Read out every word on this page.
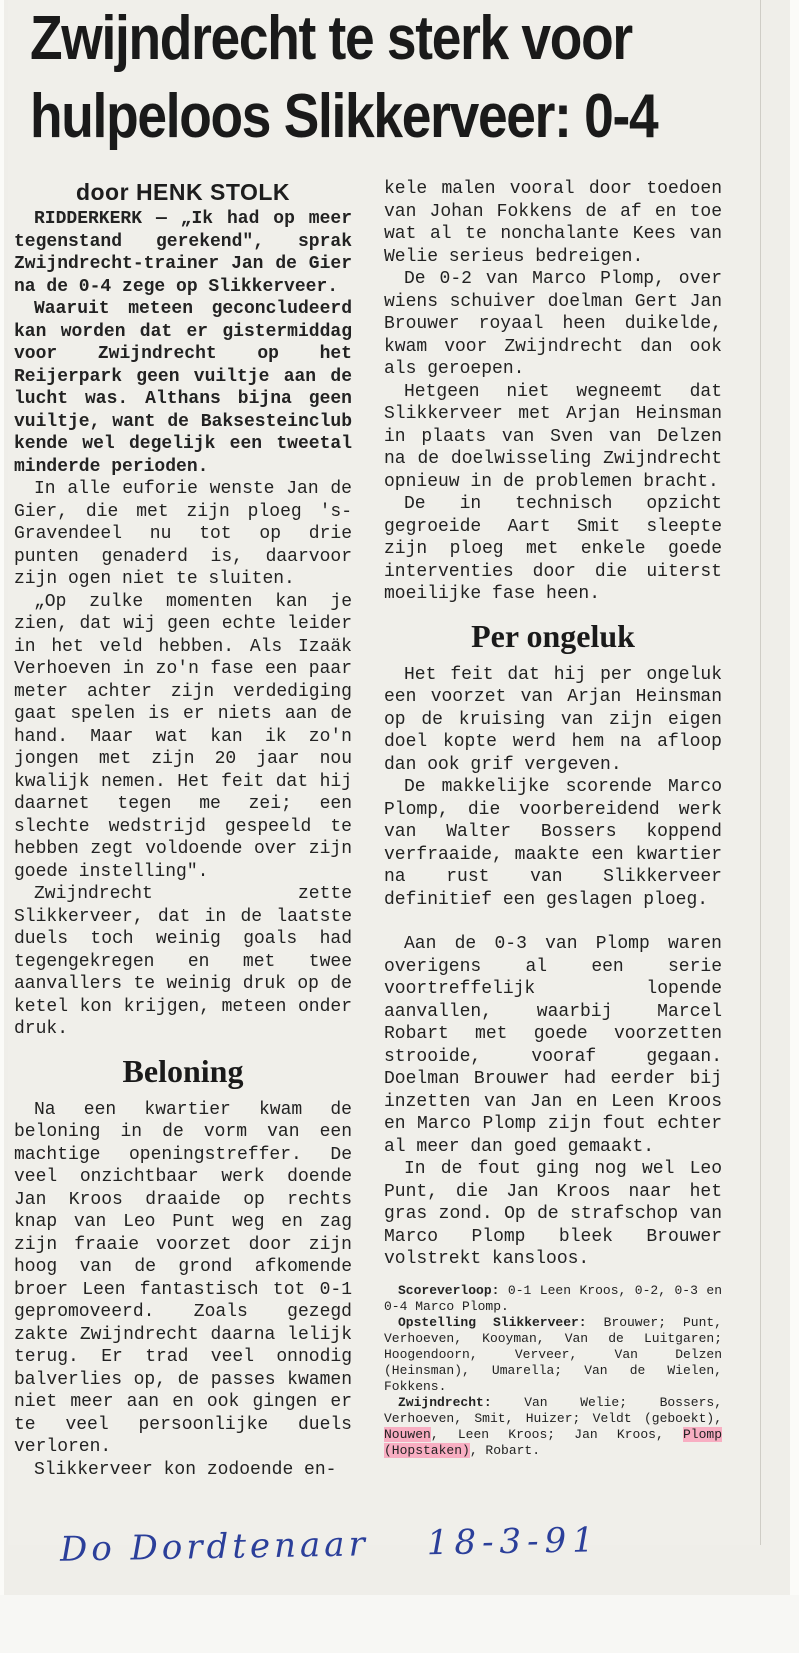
Zwijndrecht te sterk voor
hulpeloos Slikkerveer: 0-4
door HENK STOLK

RIDDERKERK — „Ik had op meer tegenstand gerekend", sprak Zwijndrecht-trainer Jan de Gier na de 0-4 zege op Slikkerveer.

Waaruit meteen geconcludeerd kan worden dat er gistermiddag voor Zwijndrecht op het Reijerpark geen vuiltje aan de lucht was. Althans bijna geen vuiltje, want de Baksesteinclub kende wel degelijk een tweetal minderde perioden.

In alle euforie wenste Jan de Gier, die met zijn ploeg 's-Gravendeel nu tot op drie punten genaderd is, daarvoor zijn ogen niet te sluiten.

„Op zulke momenten kan je zien, dat wij geen echte leider in het veld hebben. Als Izaäk Verhoeven in zo'n fase een paar meter achter zijn verdediging gaat spelen is er niets aan de hand. Maar wat kan ik zo'n jongen met zijn 20 jaar nou kwalijk nemen. Het feit dat hij daarnet tegen me zei; een slechte wedstrijd gespeeld te hebben zegt voldoende over zijn goede instelling".

Zwijndrecht zette Slikkerveer, dat in de laatste duels toch weinig goals had tegengekregen en met twee aanvallers te weinig druk op de ketel kon krijgen, meteen onder druk.

Beloning

Na een kwartier kwam de beloning in de vorm van een machtige openingstreffer. De veel onzichtbaar werk doende Jan Kroos draaide op rechts knap van Leo Punt weg en zag zijn fraaie voorzet door zijn hoog van de grond afkomende broer Leen fantastisch tot 0-1 gepromoveerd. Zoals gezegd zakte Zwijndrecht daarna lelijk terug. Er trad veel onnodig balverlies op, de passes kwamen niet meer aan en ook gingen er te veel persoonlijke duels verloren.

Slikkerveer kon zodoende en-

kele malen vooral door toedoen van Johan Fokkens de af en toe wat al te nonchalante Kees van Welie serieus bedreigen.

De 0-2 van Marco Plomp, over wiens schuiver doelman Gert Jan Brouwer royaal heen duikelde, kwam voor Zwijndrecht dan ook als geroepen.

Hetgeen niet wegneemt dat Slikkerveer met Arjan Heinsman in plaats van Sven van Delzen na de doelwisseling Zwijndrecht opnieuw in de problemen bracht.

De in technisch opzicht gegroeide Aart Smit sleepte zijn ploeg met enkele goede interventies door die uiterst moeilijke fase heen.

Per ongeluk

Het feit dat hij per ongeluk een voorzet van Arjan Heinsman op de kruising van zijn eigen doel kopte werd hem na afloop dan ook grif vergeven.

De makkelijke scorende Marco Plomp, die voorbereidend werk van Walter Bossers koppend verfraaide, maakte een kwartier na rust van Slikkerveer definitief een geslagen ploeg.

Aan de 0-3 van Plomp waren overigens al een serie voortreffelijk lopende aanvallen, waarbij Marcel Robart met goede voorzetten strooide, vooraf gegaan. Doelman Brouwer had eerder bij inzetten van Jan en Leen Kroos en Marco Plomp zijn fout echter al meer dan goed gemaakt.

In de fout ging nog wel Leo Punt, die Jan Kroos naar het gras zond. Op de strafschop van Marco Plomp bleek Brouwer volstrekt kansloos.

Scoreverloop: 0-1 Leen Kroos, 0-2, 0-3 en 0-4 Marco Plomp.

Opstelling Slikkerveer: Brouwer; Punt, Verhoeven, Kooyman, Van de Luitgaren; Hoogendoorn, Verveer, Van Delzen (Heinsman), Umarella; Van de Wielen, Fokkens.

Zwijndrecht: Van Welie; Bossers, Verhoeven, Smit, Huizer; Veldt (geboekt), Nouwen, Leen Kroos; Jan Kroos, Plomp (Hopstaken), Robart.

Do Dordtenaar 18-3-91
